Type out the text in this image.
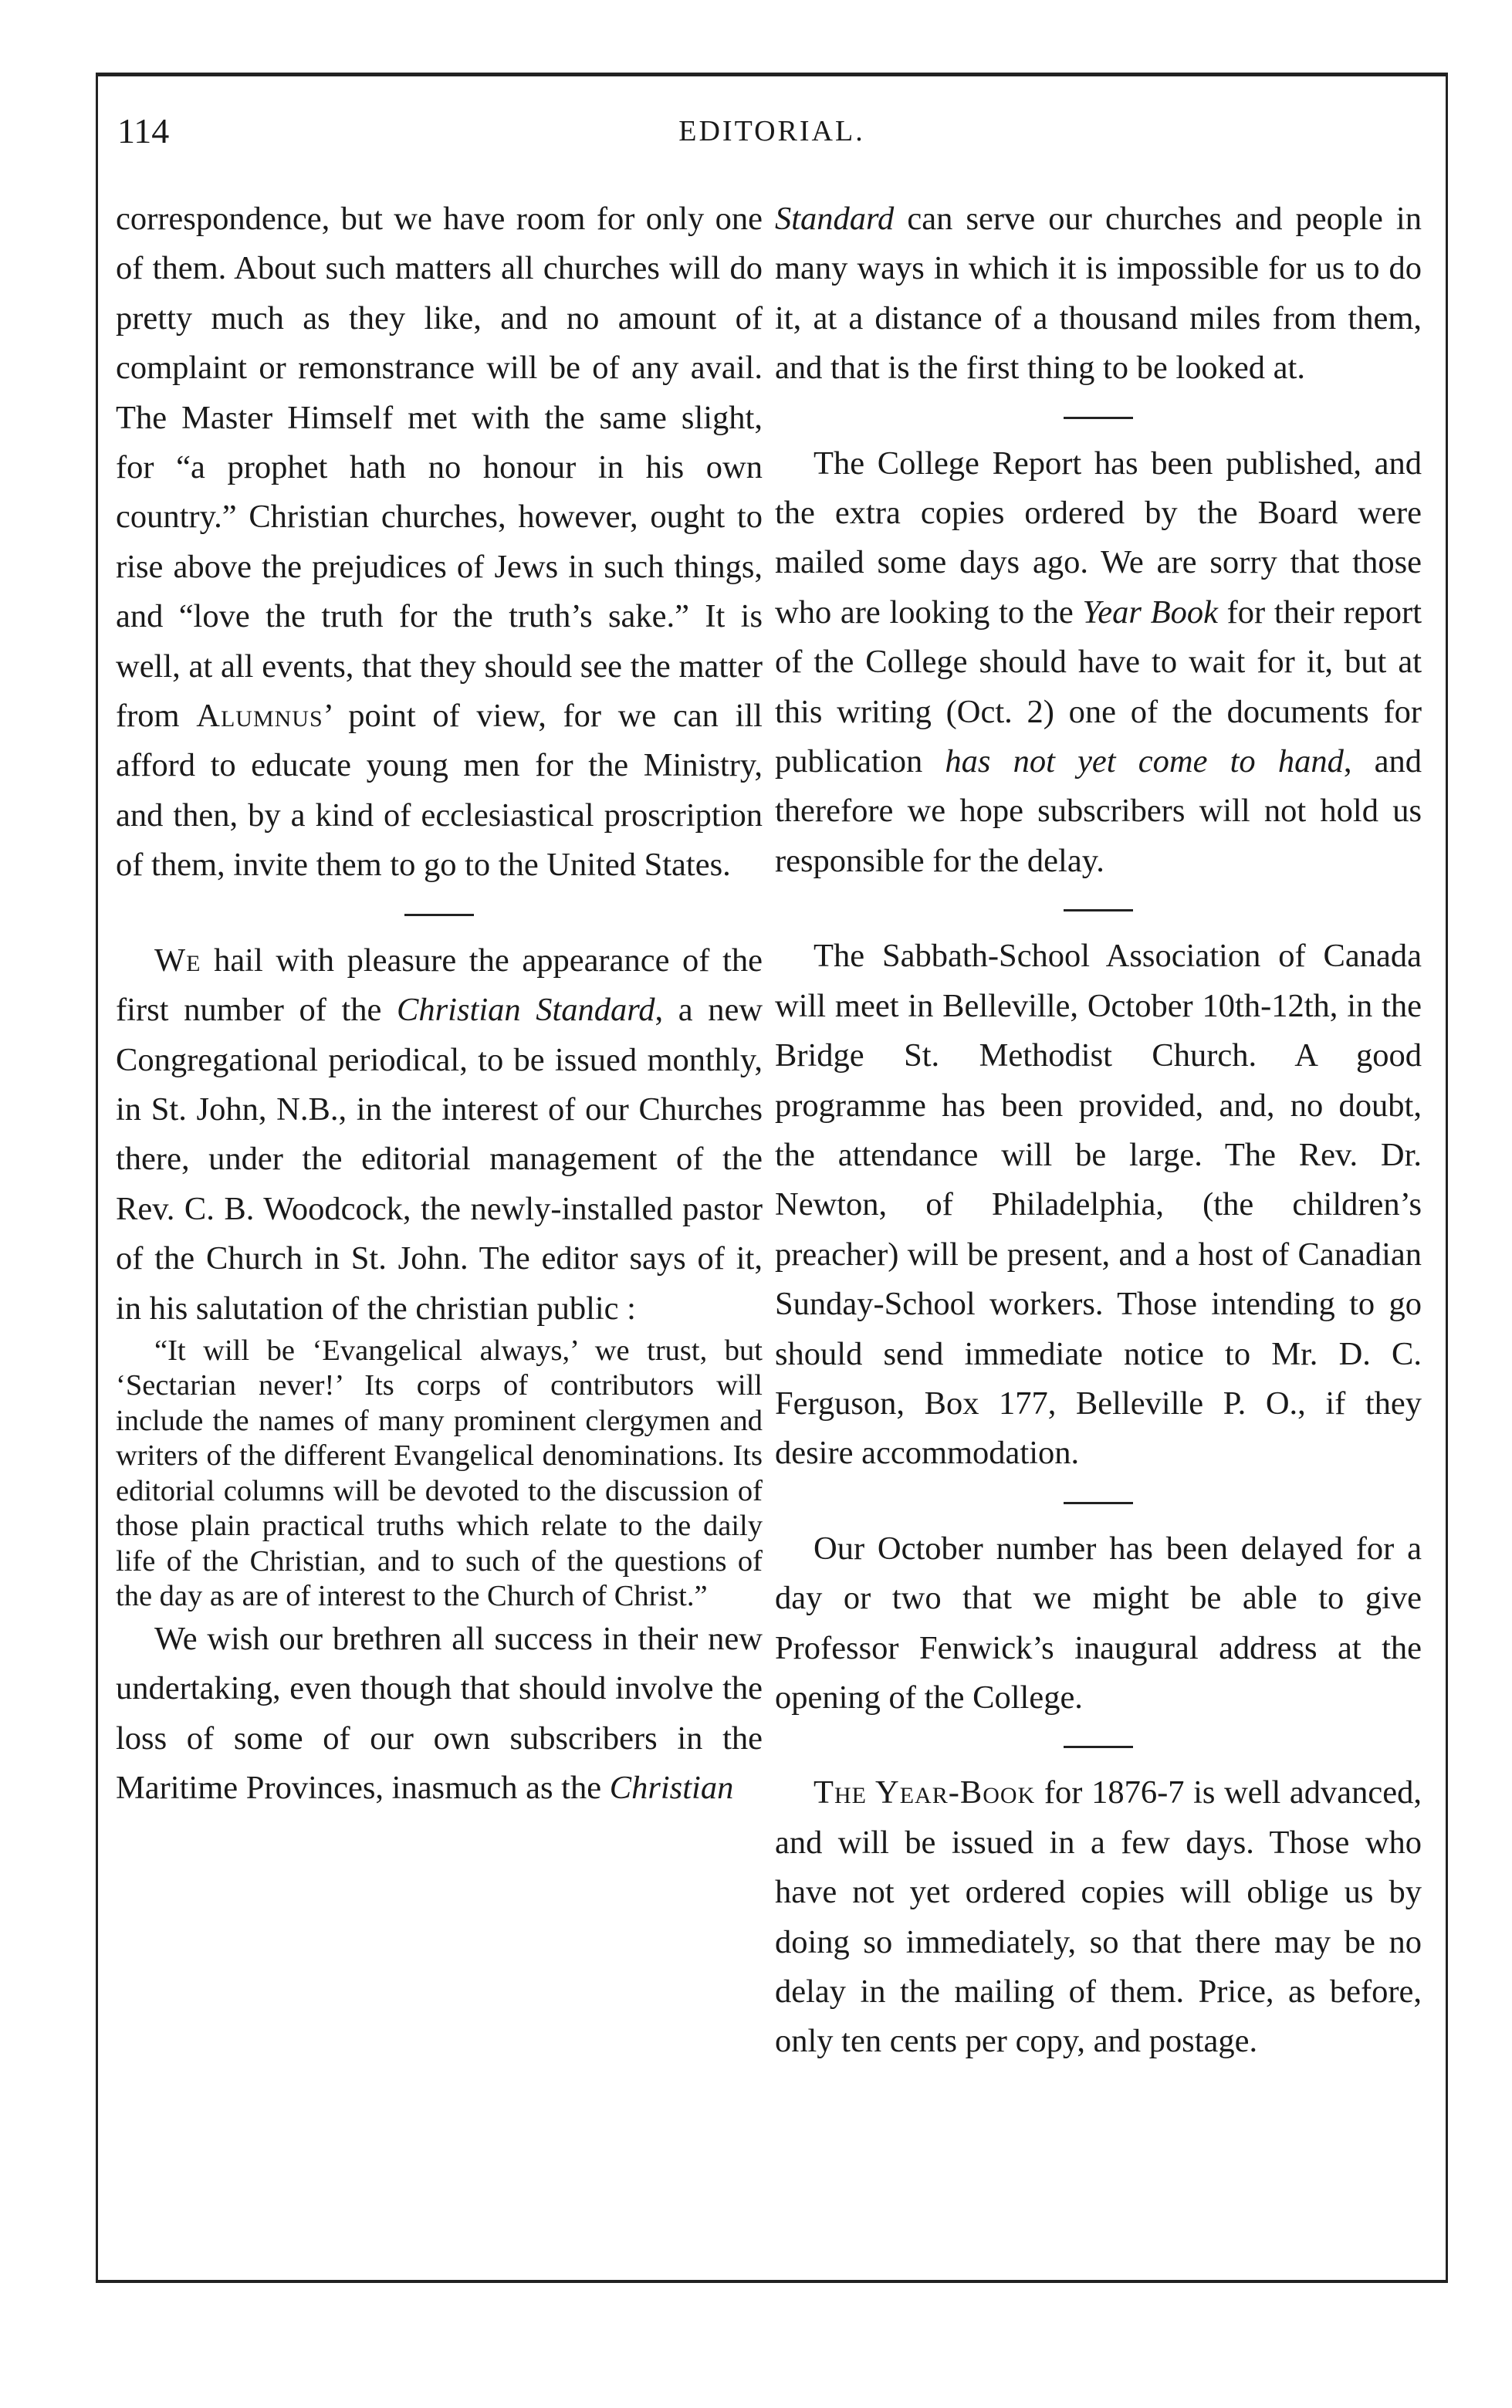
114	EDITORIAL.

correspondence, but we have room for only one of them. About such matters all churches will do pretty much as they like, and no amount of complaint or remonstrance will be of any avail. The Master Himself met with the same slight, for “a prophet hath no honour in his own country.” Christian churches, however, ought to rise above the prejudices of Jews in such things, and “love the truth for the truth’s sake.” It is well, at all events, that they should see the matter from Alumnus’ point of view, for we can ill afford to educate young men for the Ministry, and then, by a kind of ecclesiastical proscription of them, invite them to go to the United States.

We hail with pleasure the appearance of the first number of the Christian Standard, a new Congregational periodical, to be issued monthly, in St. John, N.B., in the interest of our Churches there, under the editorial management of the Rev. C. B. Woodcock, the newly-installed pastor of the Church in St. John. The editor says of it, in his salutation of the christian public :

“It will be ‘Evangelical always,’ we trust, but ‘Sectarian never!’ Its corps of contributors will include the names of many prominent clergymen and writers of the different Evangelical denominations. Its editorial columns will be devoted to the discussion of those plain practical truths which relate to the daily life of the Christian, and to such of the questions of the day as are of interest to the Church of Christ.”

We wish our brethren all success in their new undertaking, even though that should involve the loss of some of our own subscribers in the Maritime Provinces, inasmuch as the Christian

Standard can serve our churches and people in many ways in which it is impossible for us to do it, at a distance of a thousand miles from them, and that is the first thing to be looked at.

The College Report has been published, and the extra copies ordered by the Board were mailed some days ago. We are sorry that those who are looking to the Year Book for their report of the College should have to wait for it, but at this writing (Oct. 2) one of the documents for publication has not yet come to hand, and therefore we hope subscribers will not hold us responsible for the delay.

The Sabbath-School Association of Canada will meet in Belleville, October 10th-12th, in the Bridge St. Methodist Church. A good programme has been provided, and, no doubt, the attendance will be large. The Rev. Dr. Newton, of Philadelphia, (the children’s preacher) will be present, and a host of Canadian Sunday-School workers. Those intending to go should send immediate notice to Mr. D. C. Ferguson, Box 177, Belleville P. O., if they desire accommodation.

Our October number has been delayed for a day or two that we might be able to give Professor Fenwick’s inaugural address at the opening of the College.

The Year-Book for 1876-7 is well advanced, and will be issued in a few days. Those who have not yet ordered copies will oblige us by doing so immediately, so that there may be no delay in the mailing of them. Price, as before, only ten cents per copy, and postage.
